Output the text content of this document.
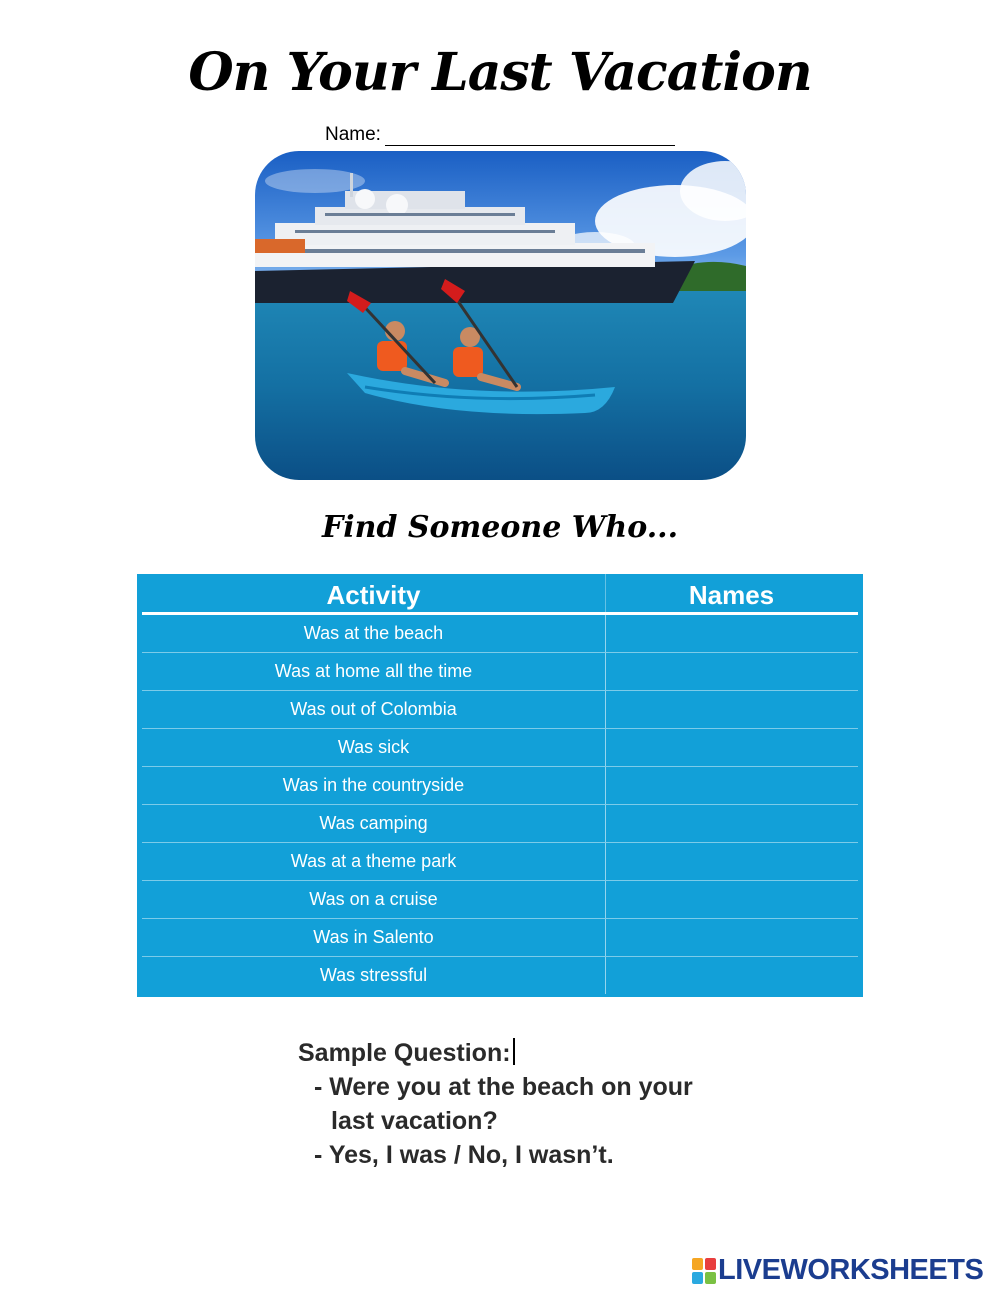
On Your Last Vacation
Name:
Find Someone Who...
Activity	Names
Was at the beach
Was at home all the time
Was out of Colombia
Was sick
Was in the countryside
Was camping
Was at a theme park
Was on a cruise
Was in Salento
Was stressful
Sample Question:
- Were you at the beach on your
last vacation?
- Yes, I was / No, I wasn’t.
LIVEWORKSHEETS
